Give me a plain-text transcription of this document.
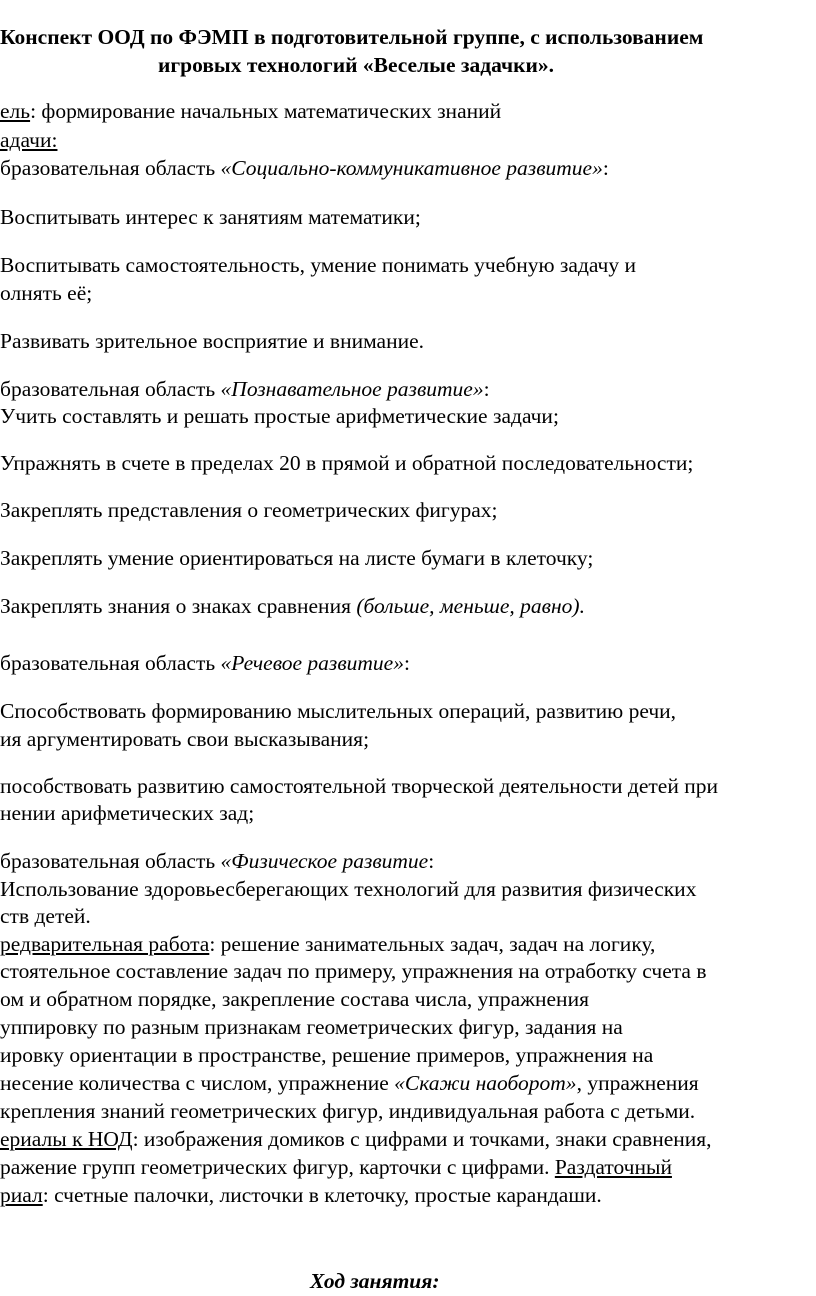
Конспект ООД по ФЭМП в подготовительной группе, с использованием
игровых технологий «Веселые задачки».
ель: формирование начальных математических знаний
адачи:
бразовательная область «Социально-коммуникативное развитие»:
Воспитывать интерес к занятиям математики;
Воспитывать самостоятельность, умение понимать учебную задачу и
олнять её;
Развивать зрительное восприятие и внимание.
бразовательная область «Познавательное развитие»:
Учить составлять и решать простые арифметические задачи;
Упражнять в счете в пределах 20 в прямой и обратной последовательности;
Закреплять представления о геометрических фигурах;
Закреплять умение ориентироваться на листе бумаги в клеточку;
Закреплять знания о знаках сравнения (больше, меньше, равно).
бразовательная область «Речевое развитие»:
Способствовать формированию мыслительных операций, развитию речи,
ия аргументировать свои высказывания;
пособствовать развитию самостоятельной творческой деятельности детей при
нении арифметических зад;
бразовательная область «Физическое развитие:
Использование здоровьесберегающих технологий для развития физических
ств детей.
редварительная работа: решение занимательных задач, задач на логику,
стоятельное составление задач по примеру, упражнения на отработку счета в
ом и обратном порядке, закрепление состава числа, упражнения
уппировку по разным признакам геометрических фигур, задания на
ировку ориентации в пространстве, решение примеров, упражнения на
несение количества с числом, упражнение «Скажи наоборот», упражнения
крепления знаний геометрических фигур, индивидуальная работа с детьми.
ериалы к НОД: изображения домиков с цифрами и точками, знаки сравнения,
ражение групп геометрических фигур, карточки с цифрами. Раздаточный
риал: счетные палочки, листочки в клеточку, простые карандаши.
Ход занятия:
